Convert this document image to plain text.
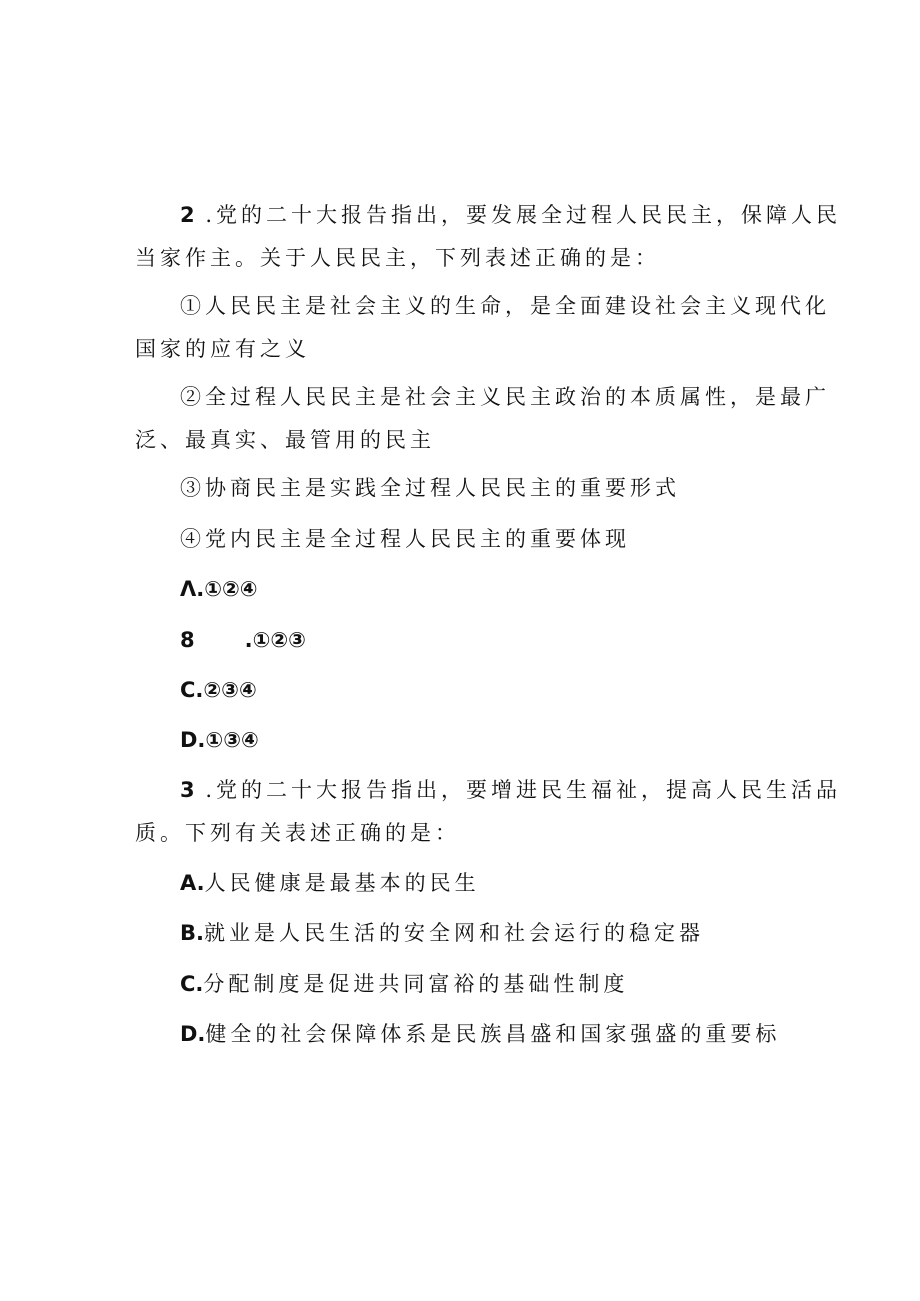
2 .党的二十大报告指出，要发展全过程人民民主，保障人民
当家作主。关于人民民主，下列表述正确的是：
①人民民主是社会主义的生命，是全面建设社会主义现代化
国家的应有之义
②全过程人民民主是社会主义民主政治的本质属性，是最广
泛、最真实、最管用的民主
③协商民主是实践全过程人民民主的重要形式
④党内民主是全过程人民民主的重要体现
Λ.①②④
8 .①②③
C.②③④
D.①③④
3 .党的二十大报告指出，要增进民生福祉，提高人民生活品
质。下列有关表述正确的是：
A.人民健康是最基本的民生
B.就业是人民生活的安全网和社会运行的稳定器
C.分配制度是促进共同富裕的基础性制度
D.健全的社会保障体系是民族昌盛和国家强盛的重要标
